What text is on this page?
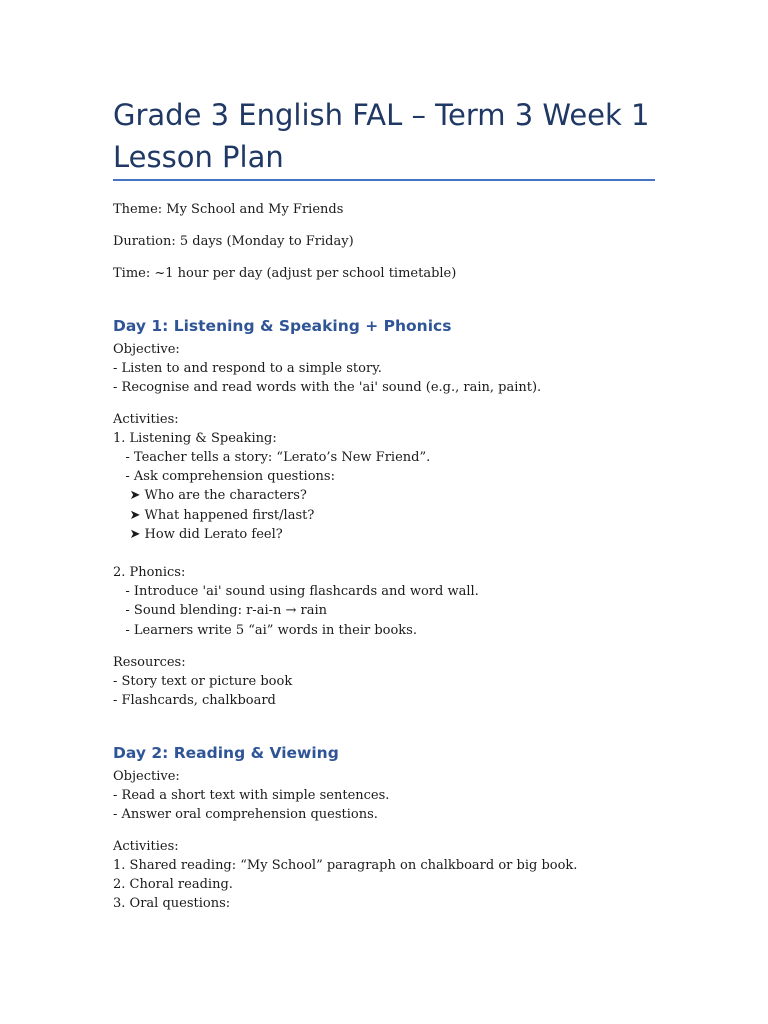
Grade 3 English FAL – Term 3 Week 1
Lesson Plan
Theme: My School and My Friends
Duration: 5 days (Monday to Friday)
Time: ~1 hour per day (adjust per school timetable)
Day 1: Listening & Speaking + Phonics
Objective:
- Listen to and respond to a simple story.
- Recognise and read words with the 'ai' sound (e.g., rain, paint).
Activities:
1. Listening & Speaking:
- Teacher tells a story: “Lerato’s New Friend”.
- Ask comprehension questions:
➤ Who are the characters?
➤ What happened first/last?
➤ How did Lerato feel?
2. Phonics:
- Introduce 'ai' sound using flashcards and word wall.
- Sound blending: r-ai-n → rain
- Learners write 5 “ai” words in their books.
Resources:
- Story text or picture book
- Flashcards, chalkboard
Day 2: Reading & Viewing
Objective:
- Read a short text with simple sentences.
- Answer oral comprehension questions.
Activities:
1. Shared reading: “My School” paragraph on chalkboard or big book.
2. Choral reading.
3. Oral questions:
